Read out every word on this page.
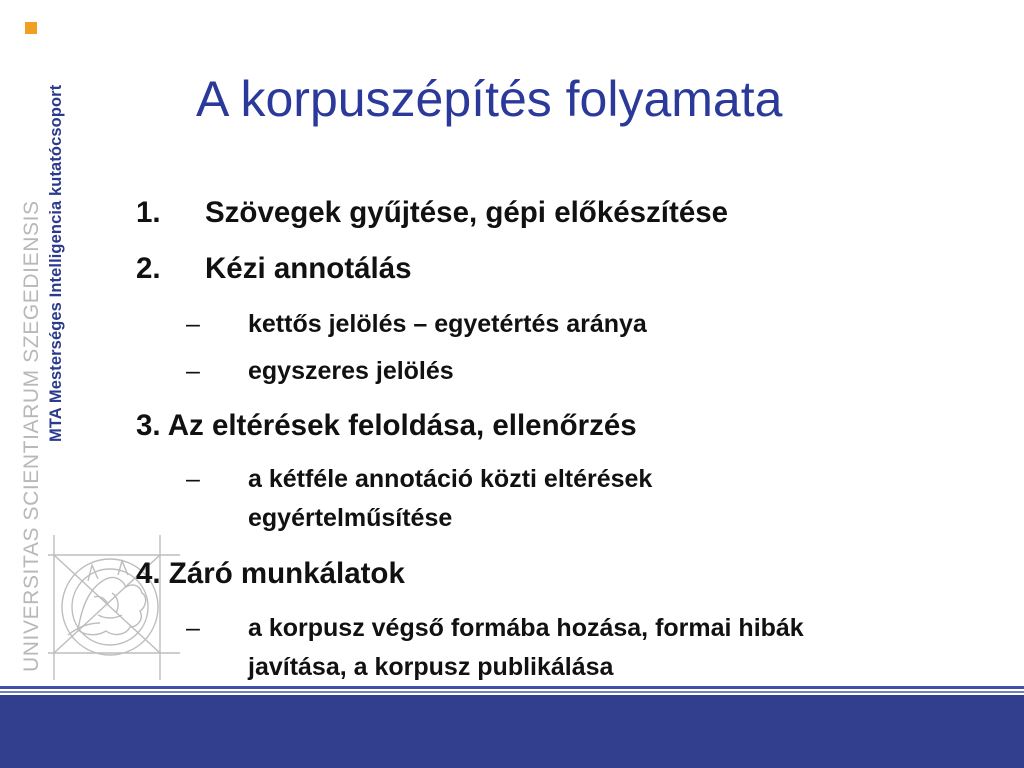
MTA Mesterséges Intelligencia kutatócsoport
UNIVERSITAS SCIENTIARUM SZEGEDIENSIS
A korpuszépítés folyamata
1. Szövegek gyűjtése, gépi előkészítése
2. Kézi annotálás
– kettős jelölés – egyetértés aránya
– egyszeres jelölés
3. Az eltérések feloldása, ellenőrzés
– a kétféle annotáció közti eltérések
egyértelműsítése
4. Záró munkálatok
– a korpusz végső formába hozása, formai hibák
javítása, a korpusz publikálása
